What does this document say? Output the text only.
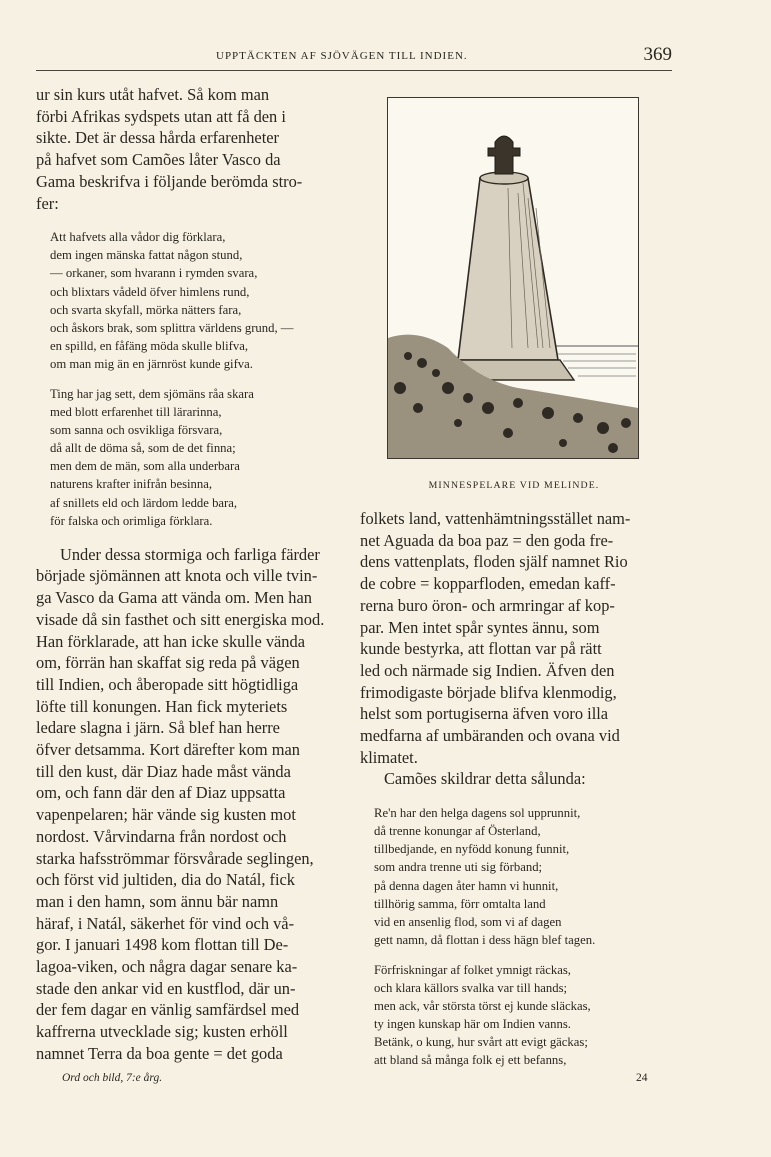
UPPTÄCKTEN AF SJÖVÄGEN TILL INDIEN.	369
ur sin kurs utåt hafvet. Så kom man
förbi Afrikas sydspets utan att få den i
sikte. Det är dessa hårda erfarenheter
på hafvet som Camões låter Vasco da
Gama beskrifva i följande berömda stro-
fer:
Att hafvets alla vådor dig förklara,
dem ingen mänska fattat någon stund,
— orkaner, som hvarann i rymden svara,
och blixtars vådeld öfver himlens rund,
och svarta skyfall, mörka nätters fara,
och åskors brak, som splittra världens grund, —
en spilld, en fåfäng möda skulle blifva,
om man mig än en järnröst kunde gifva.
Ting har jag sett, dem sjömäns råa skara
med blott erfarenhet till lärarinna,
som sanna och osvikliga försvara,
då allt de döma så, som de det finna;
men dem de män, som alla underbara
naturens krafter inifrån besinna,
af snillets eld och lärdom ledde bara,
för falska och orimliga förklara.
Under dessa stormiga och farliga färder
började sjömännen att knota och ville tvin-
ga Vasco da Gama att vända om. Men han
visade då sin fasthet och sitt energiska mod.
Han förklarade, att han icke skulle vända
om, förrän han skaffat sig reda på vägen
till Indien, och åberopade sitt högtidliga
löfte till konungen. Han fick myteriets
ledare slagna i järn. Så blef han herre
öfver detsamma. Kort därefter kom man
till den kust, där Diaz hade måst vända
om, och fann där den af Diaz uppsatta
vapenpelaren; här vände sig kusten mot
nordost. Vårvindarna från nordost och
starka hafsströmmar försvårade seglingen,
och först vid jultiden, dia do Natál, fick
man i den hamn, som ännu bär namn
häraf, i Natál, säkerhet för vind och vå-
gor. I januari 1498 kom flottan till De-
lagoa-viken, och några dagar senare ka-
stade den ankar vid en kustflod, där un-
der fem dagar en vänlig samfärdsel med
kaffrerna utvecklade sig; kusten erhöll
namnet Terra da boa gente = det goda
MINNESPELARE VID MELINDE.
folkets land, vattenhämtningsstället nam-
net Aguada da boa paz = den goda fre-
dens vattenplats, floden själf namnet Rio
de cobre = kopparfloden, emedan kaff-
rerna buro öron- och armringar af kop-
par. Men intet spår syntes ännu, som
kunde bestyrka, att flottan var på rätt
led och närmade sig Indien. Äfven den
frimodigaste började blifva klenmodig,
helst som portugiserna äfven voro illa
medfarna af umbäranden och ovana vid
klimatet.
Camões skildrar detta sålunda:
Re'n har den helga dagens sol upprunnit,
då trenne konungar af Österland,
tillbedjande, en nyfödd konung funnit,
som andra trenne uti sig förband;
på denna dagen åter hamn vi hunnit,
tillhörig samma, förr omtalta land
vid en ansenlig flod, som vi af dagen
gett namn, då flottan i dess hägn blef tagen.
Förfriskningar af folket ymnigt räckas,
och klara källors svalka var till hands;
men ack, vår största törst ej kunde släckas,
ty ingen kunskap här om Indien vanns.
Betänk, o kung, hur svårt att evigt gäckas;
att bland så många folk ej ett befanns,
Ord och bild, 7:e årg.	24
